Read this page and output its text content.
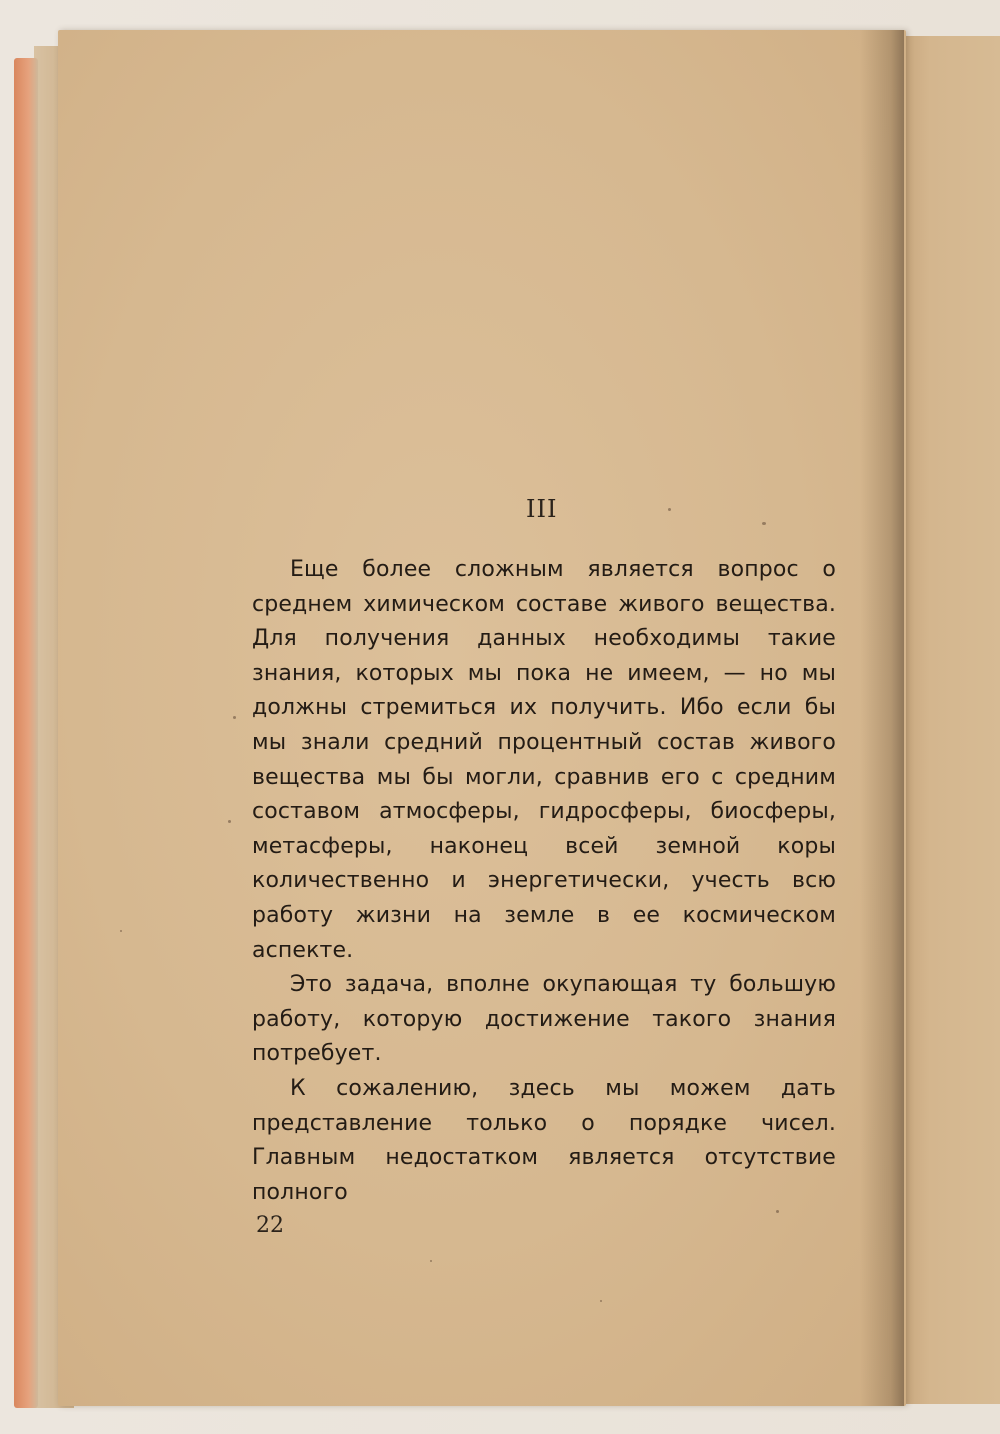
III

Еще более сложным является вопрос о среднем химическом составе живого вещества. Для получения данных необходимы такие знания, которых мы пока не имеем, — но мы должны стремиться их получить. Ибо если бы мы знали средний процентный состав живого вещества мы бы могли, сравнив его с средним составом атмосферы, гидросферы, биосферы, метасферы, наконец всей земной коры количественно и энергетически, учесть всю работу жизни на земле в ее космическом аспекте.

Это задача, вполне окупающая ту большую работу, которую достижение такого знания потребует.

К сожалению, здесь мы можем дать представление только о порядке чисел. Главным недостатком является отсутствие полного

22
